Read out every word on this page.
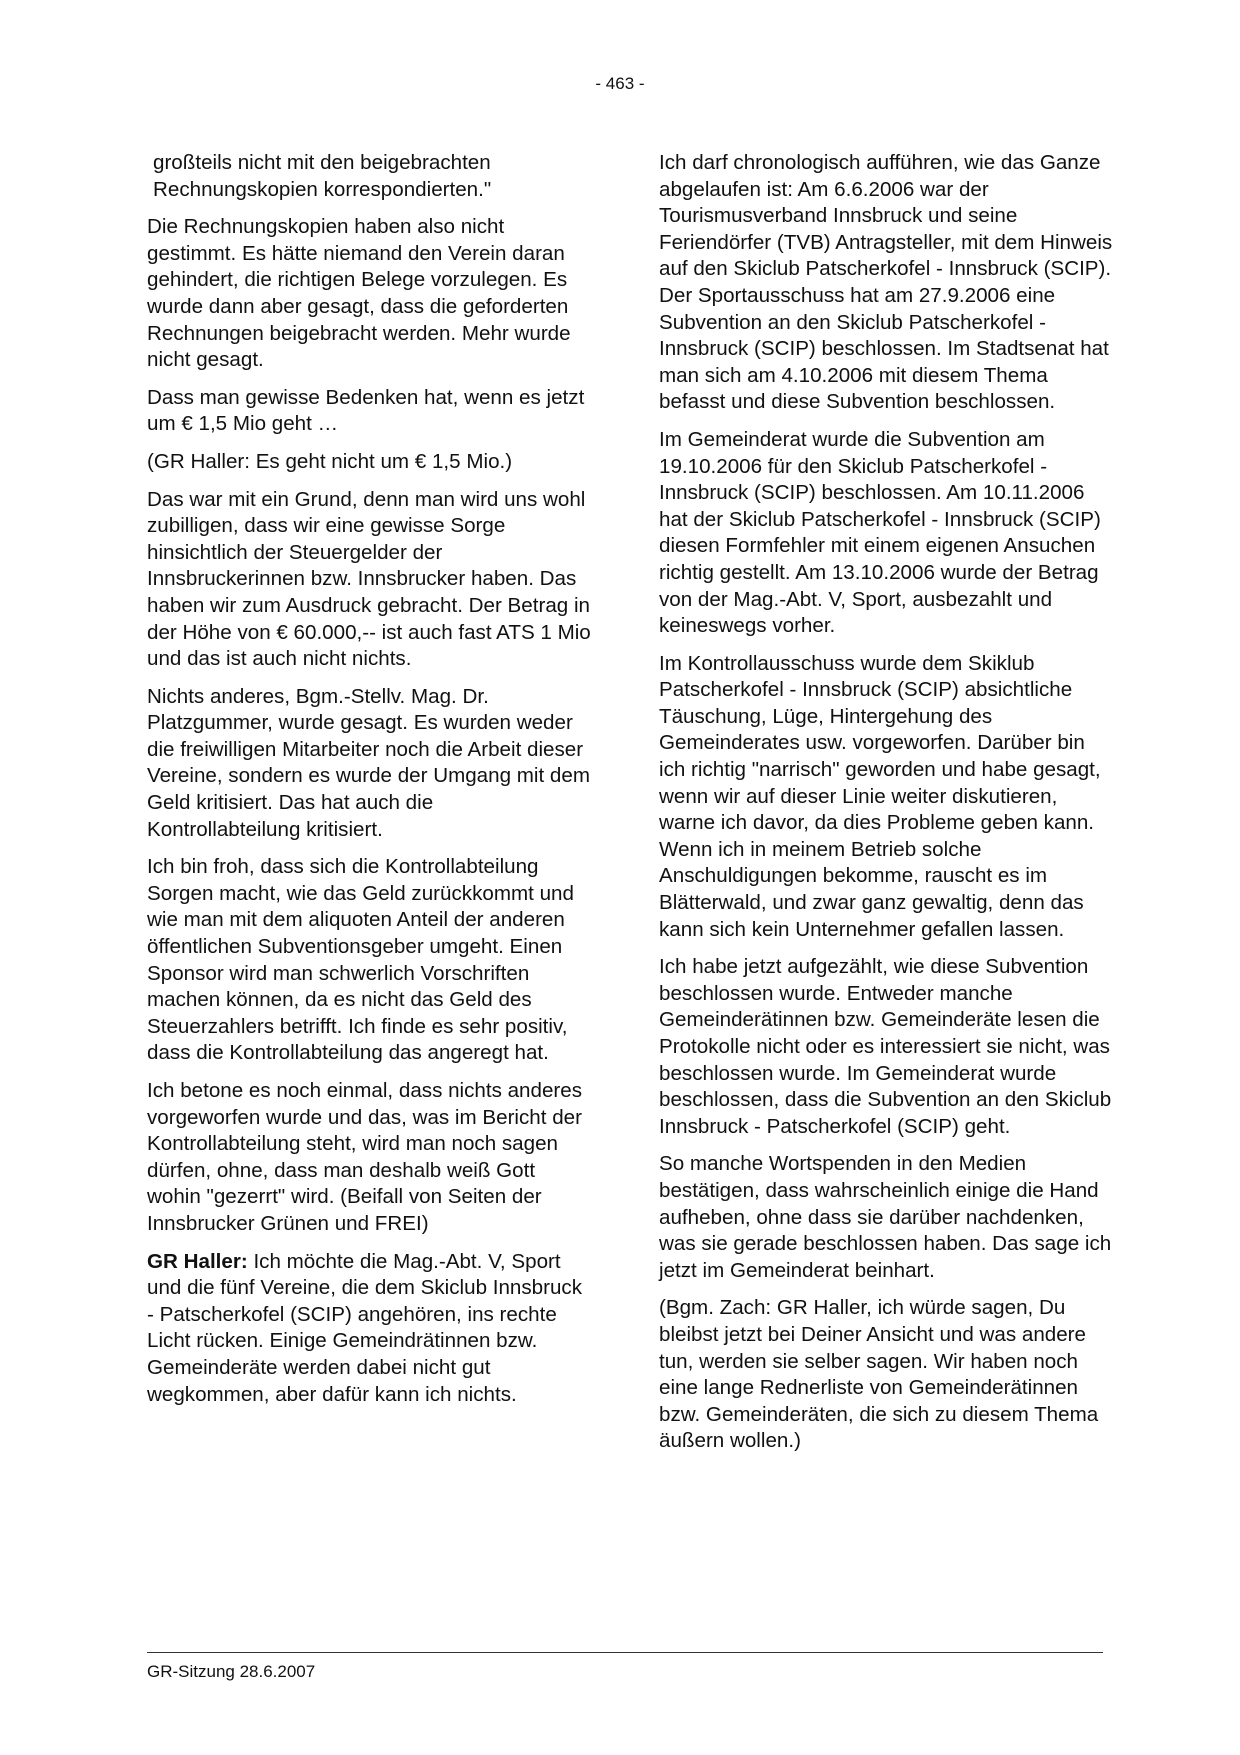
- 463 -

großteils nicht mit den beigebrachten Rechnungskopien korrespondierten."

Die Rechnungskopien haben also nicht gestimmt. Es hätte niemand den Verein daran gehindert, die richtigen Belege vorzulegen. Es wurde dann aber gesagt, dass die geforderten Rechnungen beigebracht werden. Mehr wurde nicht gesagt.

Dass man gewisse Bedenken hat, wenn es jetzt um € 1,5 Mio geht …

(GR Haller: Es geht nicht um € 1,5 Mio.)

Das war mit ein Grund, denn man wird uns wohl zubilligen, dass wir eine gewisse Sorge hinsichtlich der Steuergelder der Innsbruckerinnen bzw. Innsbrucker haben. Das haben wir zum Ausdruck gebracht. Der Betrag in der Höhe von € 60.000,-- ist auch fast ATS 1 Mio und das ist auch nicht nichts.

Nichts anderes, Bgm.-Stellv. Mag. Dr. Platzgummer, wurde gesagt. Es wurden weder die freiwilligen Mitarbeiter noch die Arbeit dieser Vereine, sondern es wurde der Umgang mit dem Geld kritisiert. Das hat auch die Kontrollabteilung kritisiert.

Ich bin froh, dass sich die Kontrollabteilung Sorgen macht, wie das Geld zurückkommt und wie man mit dem aliquoten Anteil der anderen öffentlichen Subventionsgeber umgeht. Einen Sponsor wird man schwerlich Vorschriften machen können, da es nicht das Geld des Steuerzahlers betrifft. Ich finde es sehr positiv, dass die Kontrollabteilung das angeregt hat.

Ich betone es noch einmal, dass nichts anderes vorgeworfen wurde und das, was im Bericht der Kontrollabteilung steht, wird man noch sagen dürfen, ohne, dass man deshalb weiß Gott wohin "gezerrt" wird. (Beifall von Seiten der Innsbrucker Grünen und FREI)

GR Haller: Ich möchte die Mag.-Abt. V, Sport und die fünf Vereine, die dem Skiclub Innsbruck - Patscherkofel (SCIP) angehören, ins rechte Licht rücken. Einige Gemeindrätinnen bzw. Gemeinderäte werden dabei nicht gut wegkommen, aber dafür kann ich nichts.

Ich darf chronologisch aufführen, wie das Ganze abgelaufen ist: Am 6.6.2006 war der Tourismusverband Innsbruck und seine Feriendörfer (TVB) Antragsteller, mit dem Hinweis auf den Skiclub Patscherkofel - Innsbruck (SCIP). Der Sportausschuss hat am 27.9.2006 eine Subvention an den Skiclub Patscherkofel - Innsbruck (SCIP) beschlossen. Im Stadtsenat hat man sich am 4.10.2006 mit diesem Thema befasst und diese Subvention beschlossen.

Im Gemeinderat wurde die Subvention am 19.10.2006 für den Skiclub Patscherkofel - Innsbruck (SCIP) beschlossen. Am 10.11.2006 hat der Skiclub Patscherkofel - Innsbruck (SCIP) diesen Formfehler mit einem eigenen Ansuchen richtig gestellt. Am 13.10.2006 wurde der Betrag von der Mag.-Abt. V, Sport, ausbezahlt und keineswegs vorher.

Im Kontrollausschuss wurde dem Skiklub Patscherkofel - Innsbruck (SCIP) absichtliche Täuschung, Lüge, Hintergehung des Gemeinderates usw. vorgeworfen. Darüber bin ich richtig "narrisch" geworden und habe gesagt, wenn wir auf dieser Linie weiter diskutieren, warne ich davor, da dies Probleme geben kann. Wenn ich in meinem Betrieb solche Anschuldigungen bekomme, rauscht es im Blätterwald, und zwar ganz gewaltig, denn das kann sich kein Unternehmer gefallen lassen.

Ich habe jetzt aufgezählt, wie diese Subvention beschlossen wurde. Entweder manche Gemeinderätinnen bzw. Gemeinderäte lesen die Protokolle nicht oder es interessiert sie nicht, was beschlossen wurde. Im Gemeinderat wurde beschlossen, dass die Subvention an den Skiclub Innsbruck - Patscherkofel (SCIP) geht.

So manche Wortspenden in den Medien bestätigen, dass wahrscheinlich einige die Hand aufheben, ohne dass sie darüber nachdenken, was sie gerade beschlossen haben. Das sage ich jetzt im Gemeinderat beinhart.

(Bgm. Zach: GR Haller, ich würde sagen, Du bleibst jetzt bei Deiner Ansicht und was andere tun, werden sie selber sagen. Wir haben noch eine lange Rednerliste von Gemeinderätinnen bzw. Gemeinderäten, die sich zu diesem Thema äußern wollen.)

GR-Sitzung 28.6.2007
